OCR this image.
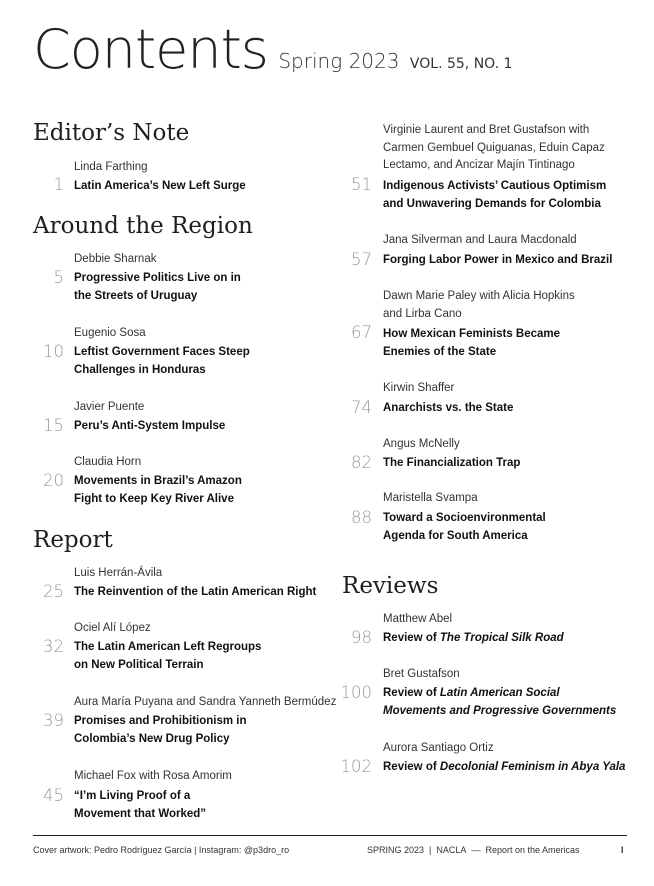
Contents Spring 2023 VOL. 55, NO. 1
Editor’s Note
Linda Farthing
1 Latin America’s New Left Surge
Around the Region
Debbie Sharnak
5 Progressive Politics Live on in
the Streets of Uruguay
Eugenio Sosa
10 Leftist Government Faces Steep
Challenges in Honduras
Javier Puente
15 Peru’s Anti-System Impulse
Claudia Horn
20 Movements in Brazil’s Amazon
Fight to Keep Key River Alive
Report
Luis Herrán-Ávila
25 The Reinvention of the Latin American Right
Ociel Alí López
32 The Latin American Left Regroups
on New Political Terrain
Aura María Puyana and Sandra Yanneth Bermúdez
39 Promises and Prohibitionism in
Colombia’s New Drug Policy
Michael Fox with Rosa Amorim
45 “I’m Living Proof of a
Movement that Worked”
Virginie Laurent and Bret Gustafson with
Carmen Gembuel Quiguanas, Eduin Capaz
Lectamo, and Ancizar Majín Tintinago
51 Indigenous Activists’ Cautious Optimism
and Unwavering Demands for Colombia
Jana Silverman and Laura Macdonald
57 Forging Labor Power in Mexico and Brazil
Dawn Marie Paley with Alicia Hopkins
and Lirba Cano
67 How Mexican Feminists Became
Enemies of the State
Kirwin Shaffer
74 Anarchists vs. the State
Angus McNelly
82 The Financialization Trap
Maristella Svampa
88 Toward a Socioenvironmental
Agenda for South America
Reviews
Matthew Abel
98 Review of The Tropical Silk Road
Bret Gustafson
100 Review of Latin American Social
Movements and Progressive Governments
Aurora Santiago Ortiz
102 Review of Decolonial Feminism in Abya Yala
Cover artwork: Pedro Rodríguez García | Instagram: @p3dro_ro	SPRING 2023 | NACLA — Report on the Americas	I
